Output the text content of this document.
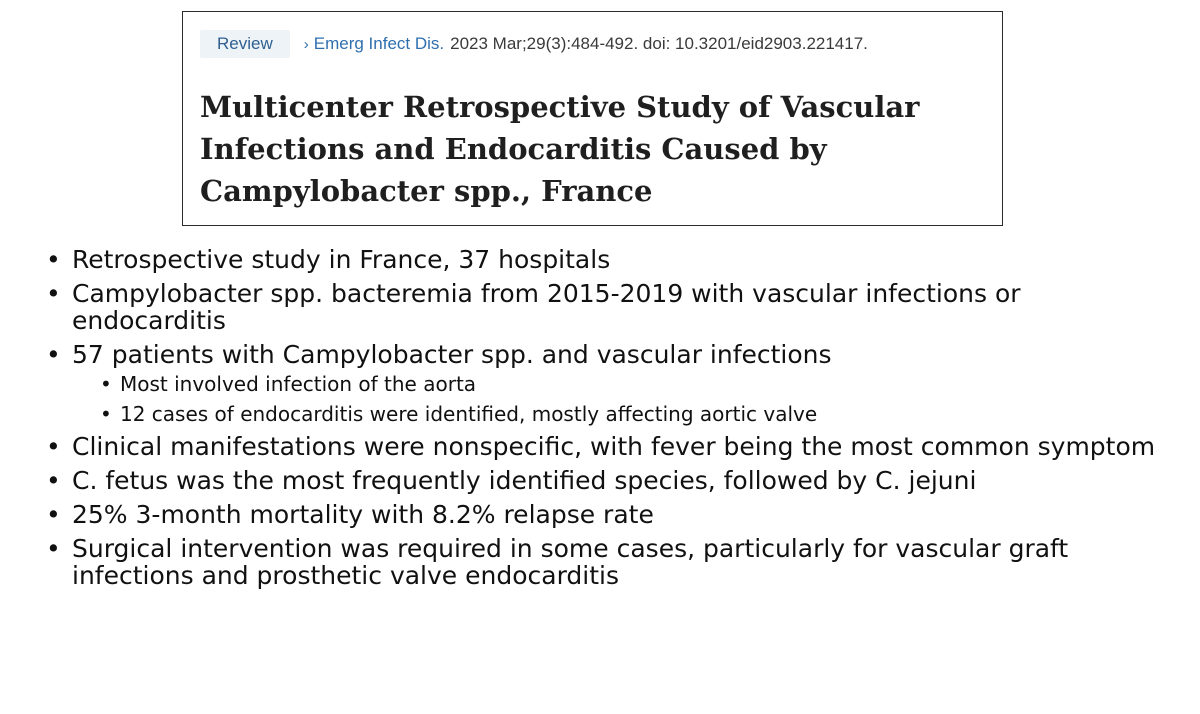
Review	› Emerg Infect Dis. 2023 Mar;29(3):484-492. doi: 10.3201/eid2903.221417.
Multicenter Retrospective Study of Vascular Infections and Endocarditis Caused by Campylobacter spp., France
• Retrospective study in France, 37 hospitals
• Campylobacter spp. bacteremia from 2015-2019 with vascular infections or endocarditis
• 57 patients with Campylobacter spp. and vascular infections
• Most involved infection of the aorta
• 12 cases of endocarditis were identified, mostly affecting aortic valve
• Clinical manifestations were nonspecific, with fever being the most common symptom
• C. fetus was the most frequently identified species, followed by C. jejuni
• 25% 3-month mortality with 8.2% relapse rate
• Surgical intervention was required in some cases, particularly for vascular graft infections and prosthetic valve endocarditis
